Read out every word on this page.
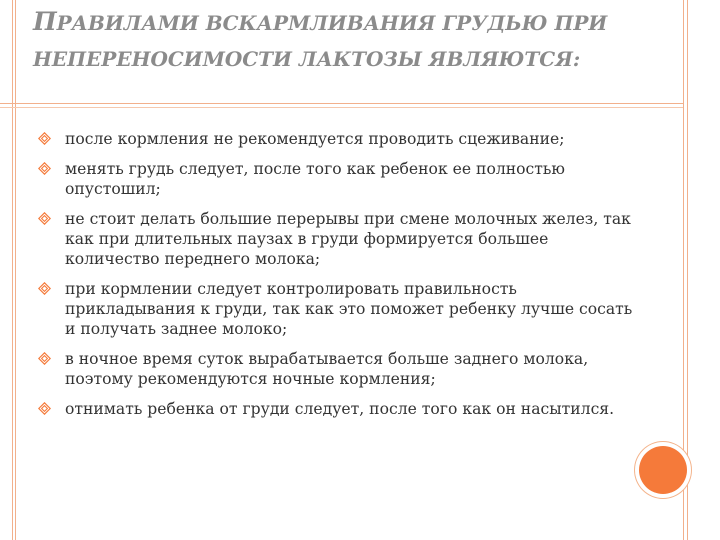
ПРАВИЛАМИ ВСКАРМЛИВАНИЯ ГРУДЬЮ ПРИ НЕПЕРЕНОСИМОСТИ ЛАКТОЗЫ ЯВЛЯЮТСЯ:
после кормления не рекомендуется проводить сцеживание;
менять грудь следует, после того как ребенок ее полностью опустошил;
не стоит делать большие перерывы при смене молочных желез, так как при длительных паузах в груди формируется большее количество переднего молока;
при кормлении следует контролировать правильность прикладывания к груди, так как это поможет ребенку лучше сосать и получать заднее молоко;
в ночное время суток вырабатывается больше заднего молока, поэтому рекомендуются ночные кормления;
отнимать ребенка от груди следует, после того как он насытился.
